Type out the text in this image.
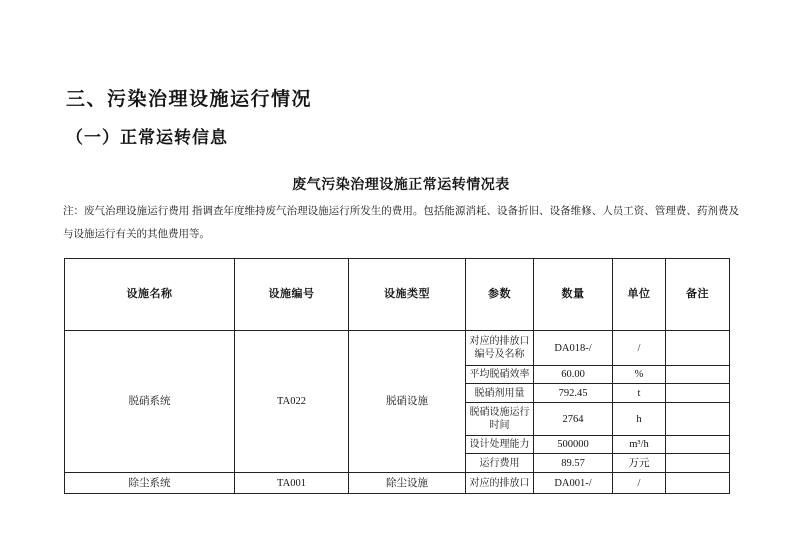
三、污染治理设施运行情况
（一）正常运转信息
废气污染治理设施正常运转情况表
注：废气治理设施运行费用 指调查年度维持废气治理设施运行所发生的费用。包括能源消耗、设备折旧、设备维修、人员工资、管理费、药剂费及与设施运行有关的其他费用等。
设施名称	设施编号	设施类型	参数	数量	单位	备注
脱硝系统	TA022	脱硝设施	对应的排放口编号及名称	DA018-/	/	
			平均脱硝效率	60.00	%	
			脱硝剂用量	792.45	t	
			脱硝设施运行时间	2764	h	
			设计处理能力	500000	m³/h	
			运行费用	89.57	万元	
除尘系统	TA001	除尘设施	对应的排放口	DA001-/	/	
